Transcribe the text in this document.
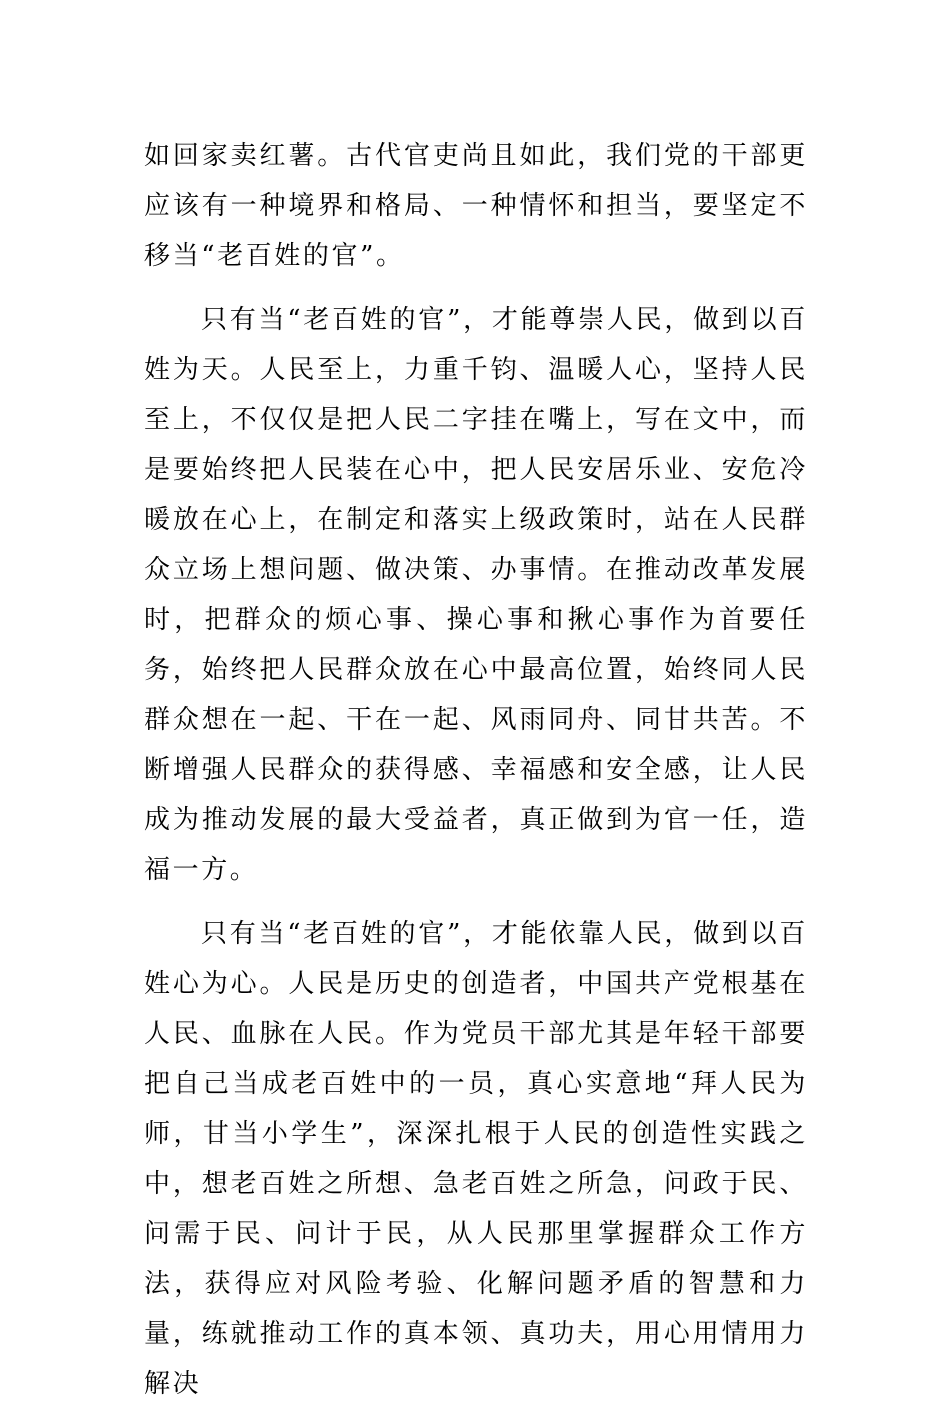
如回家卖红薯。古代官吏尚且如此，我们党的干部更应该有一种境界和格局、一种情怀和担当，要坚定不移当“老百姓的官”。

只有当“老百姓的官”，才能尊崇人民，做到以百姓为天。人民至上，力重千钧、温暖人心，坚持人民至上，不仅仅是把人民二字挂在嘴上，写在文中，而是要始终把人民装在心中，把人民安居乐业、安危冷暖放在心上，在制定和落实上级政策时，站在人民群众立场上想问题、做决策、办事情。在推动改革发展时，把群众的烦心事、操心事和揪心事作为首要任务，始终把人民群众放在心中最高位置，始终同人民群众想在一起、干在一起、风雨同舟、同甘共苦。不断增强人民群众的获得感、幸福感和安全感，让人民成为推动发展的最大受益者，真正做到为官一任，造福一方。

只有当“老百姓的官”，才能依靠人民，做到以百姓心为心。人民是历史的创造者，中国共产党根基在人民、血脉在人民。作为党员干部尤其是年轻干部要把自己当成老百姓中的一员，真心实意地“拜人民为师，甘当小学生”，深深扎根于人民的创造性实践之中，想老百姓之所想、急老百姓之所急，问政于民、问需于民、问计于民，从人民那里掌握群众工作方法，获得应对风险考验、化解问题矛盾的智慧和力量，练就推动工作的真本领、真功夫，用心用情用力解决
